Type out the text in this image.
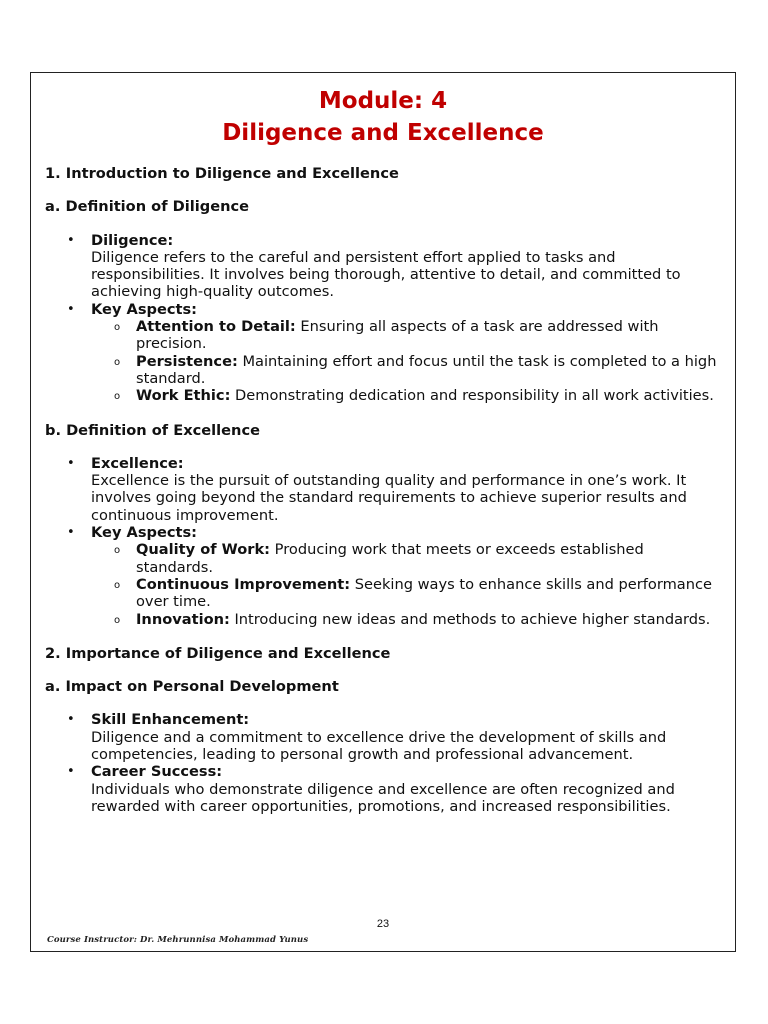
Module: 4
Diligence and Excellence

1. Introduction to Diligence and Excellence

a. Definition of Diligence

• Diligence:
Diligence refers to the careful and persistent effort applied to tasks and responsibilities. It involves being thorough, attentive to detail, and committed to achieving high-quality outcomes.
• Key Aspects:
o Attention to Detail: Ensuring all aspects of a task are addressed with precision.
o Persistence: Maintaining effort and focus until the task is completed to a high standard.
o Work Ethic: Demonstrating dedication and responsibility in all work activities.

b. Definition of Excellence

• Excellence:
Excellence is the pursuit of outstanding quality and performance in one’s work. It involves going beyond the standard requirements to achieve superior results and continuous improvement.
• Key Aspects:
o Quality of Work: Producing work that meets or exceeds established standards.
o Continuous Improvement: Seeking ways to enhance skills and performance over time.
o Innovation: Introducing new ideas and methods to achieve higher standards.

2. Importance of Diligence and Excellence

a. Impact on Personal Development

• Skill Enhancement:
Diligence and a commitment to excellence drive the development of skills and competencies, leading to personal growth and professional advancement.
• Career Success:
Individuals who demonstrate diligence and excellence are often recognized and rewarded with career opportunities, promotions, and increased responsibilities.
23
Course Instructor: Dr. Mehrunnisa Mohammad Yunus
